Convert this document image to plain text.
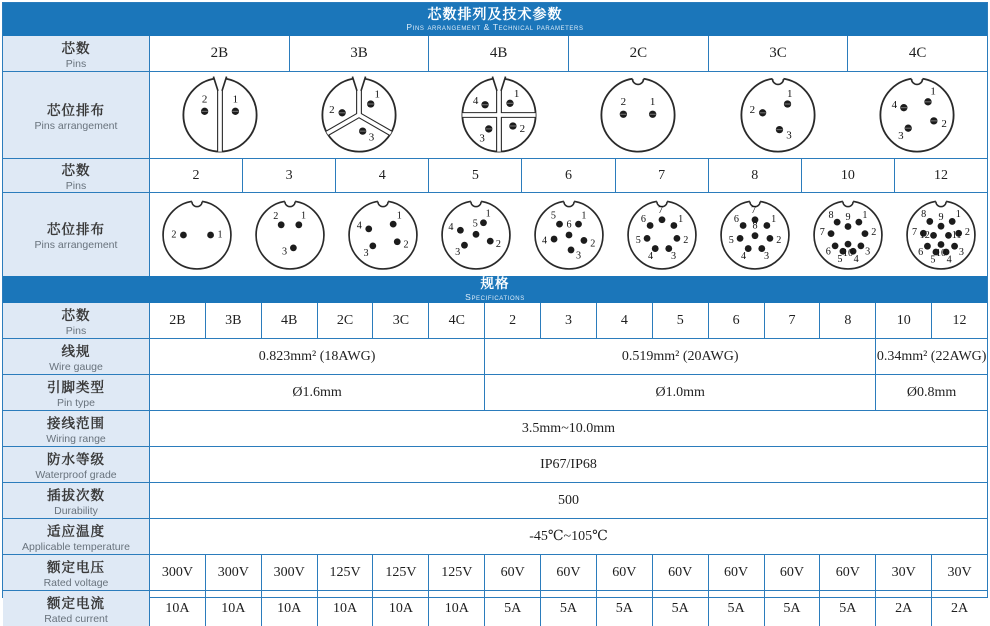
芯数排列及技术参数
Pins arrangement & Technical parameters
芯数
Pins
2B	3B	4B	2C	3C	4C
芯位排布
Pins arrangement
芯数
Pins
2	3	4	5	6	7	8	10	12
芯位排布
Pins arrangement
规格
Specifications
芯数
Pins
2B	3B	4B	2C	3C	4C	2	3	4	5	6	7	8	10	12
线规
Wire gauge
0.823mm² (18AWG)	0.519mm² (20AWG)	0.34mm² (22AWG)
引脚类型
Pin type
Ø1.6mm	Ø1.0mm	Ø0.8mm
接线范围
Wiring range
3.5mm~10.0mm
防水等级
Waterproof grade
IP67/IP68
插拔次数
Durability
500
适应温度
Applicable temperature
-45℃~105℃
额定电压
Rated voltage
300V	300V	300V	125V	125V	125V	60V	60V	60V	60V	60V	60V	60V	30V	30V
额定电流
Rated current
10A	10A	10A	10A	10A	10A	5A	5A	5A	5A	5A	5A	5A	2A	2A
